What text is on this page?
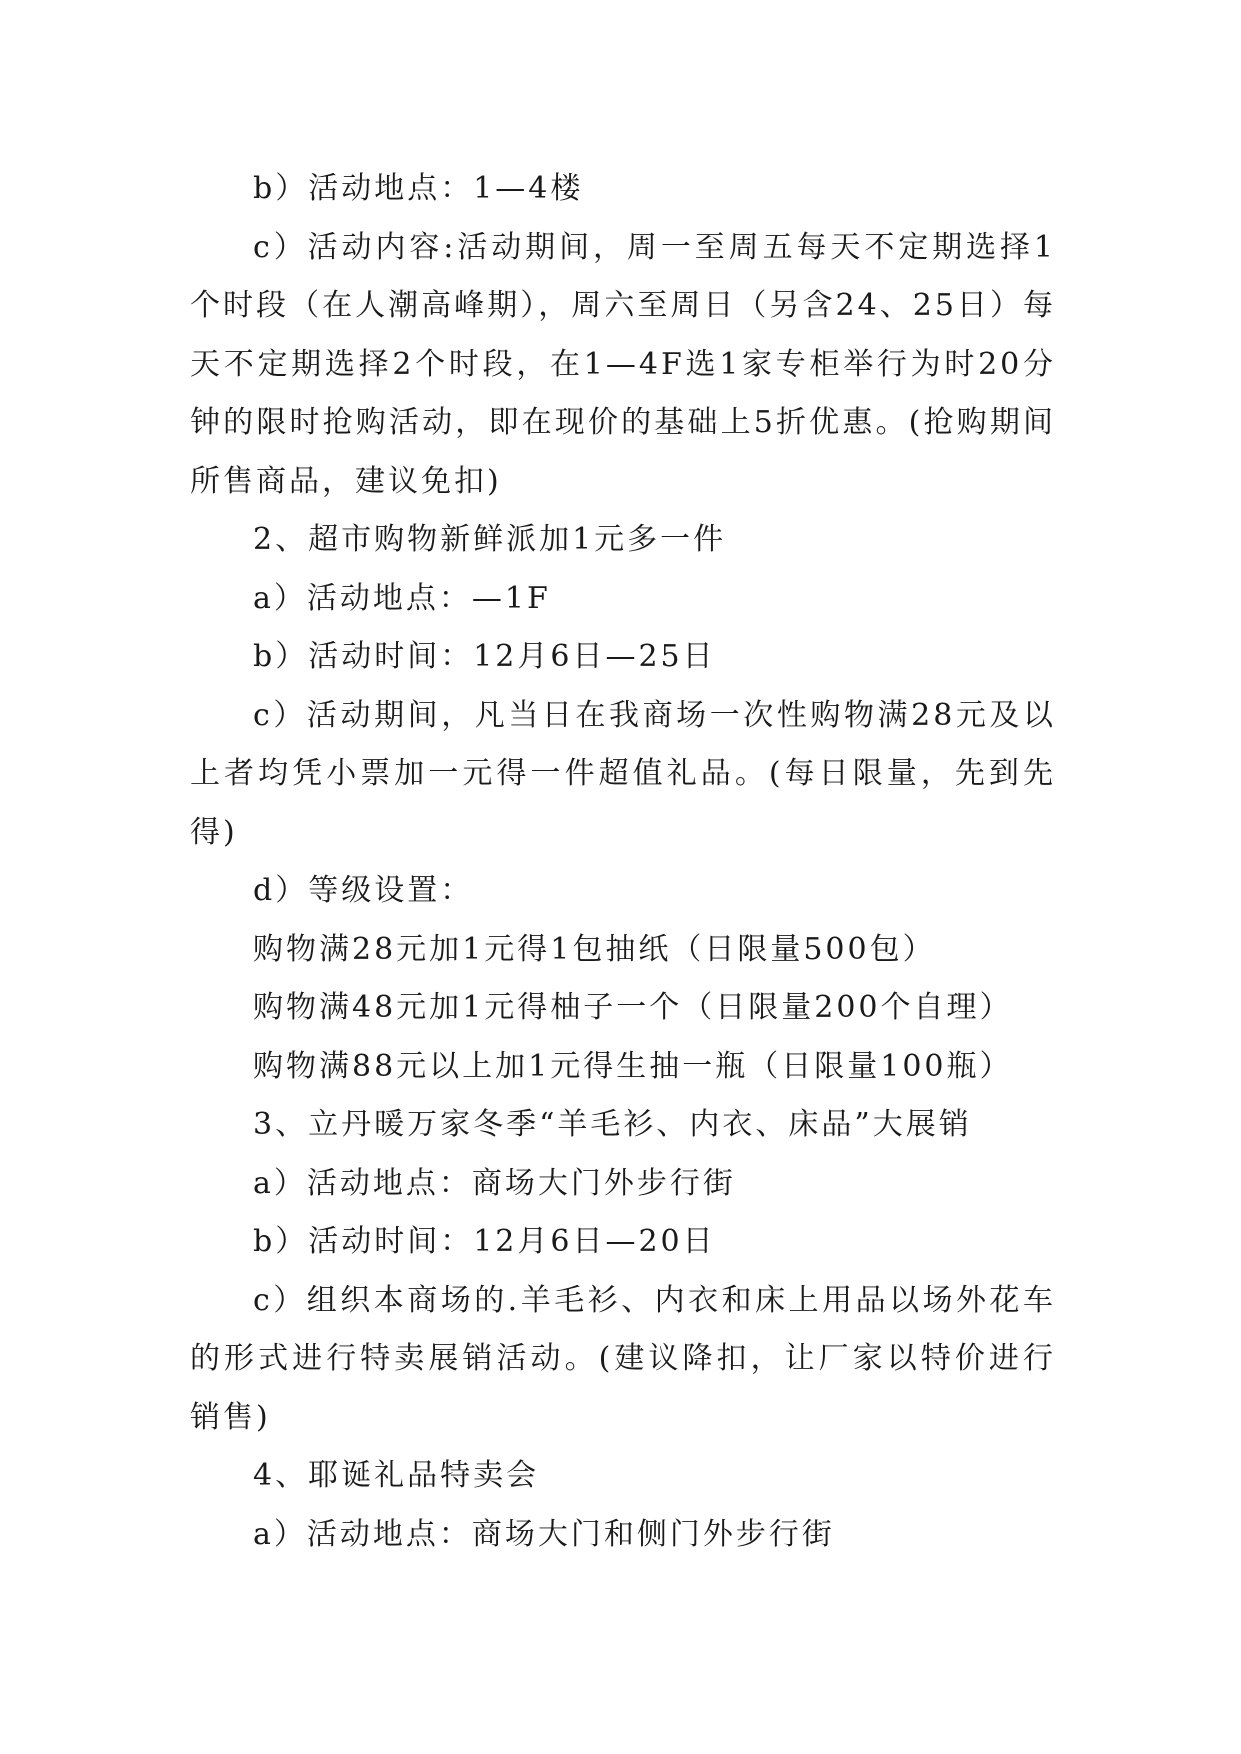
b）活动地点：1—4楼

c）活动内容:活动期间，周一至周五每天不定期选择1个时段（在人潮高峰期），周六至周日（另含24、25日）每天不定期选择2个时段，在1—4F选1家专柜举行为时20分钟的限时抢购活动，即在现价的基础上5折优惠。(抢购期间所售商品，建议免扣)

2、超市购物新鲜派加1元多一件

a）活动地点：—1F

b）活动时间：12月6日—25日

c）活动期间，凡当日在我商场一次性购物满28元及以上者均凭小票加一元得一件超值礼品。(每日限量，先到先得)

d）等级设置：

购物满28元加1元得1包抽纸（日限量500包）

购物满48元加1元得柚子一个（日限量200个自理）

购物满88元以上加1元得生抽一瓶（日限量100瓶）

3、立丹暖万家冬季“羊毛衫、内衣、床品”大展销

a）活动地点：商场大门外步行街

b）活动时间：12月6日—20日

c）组织本商场的.羊毛衫、内衣和床上用品以场外花车的形式进行特卖展销活动。(建议降扣，让厂家以特价进行销售)

4、耶诞礼品特卖会

a）活动地点：商场大门和侧门外步行街
